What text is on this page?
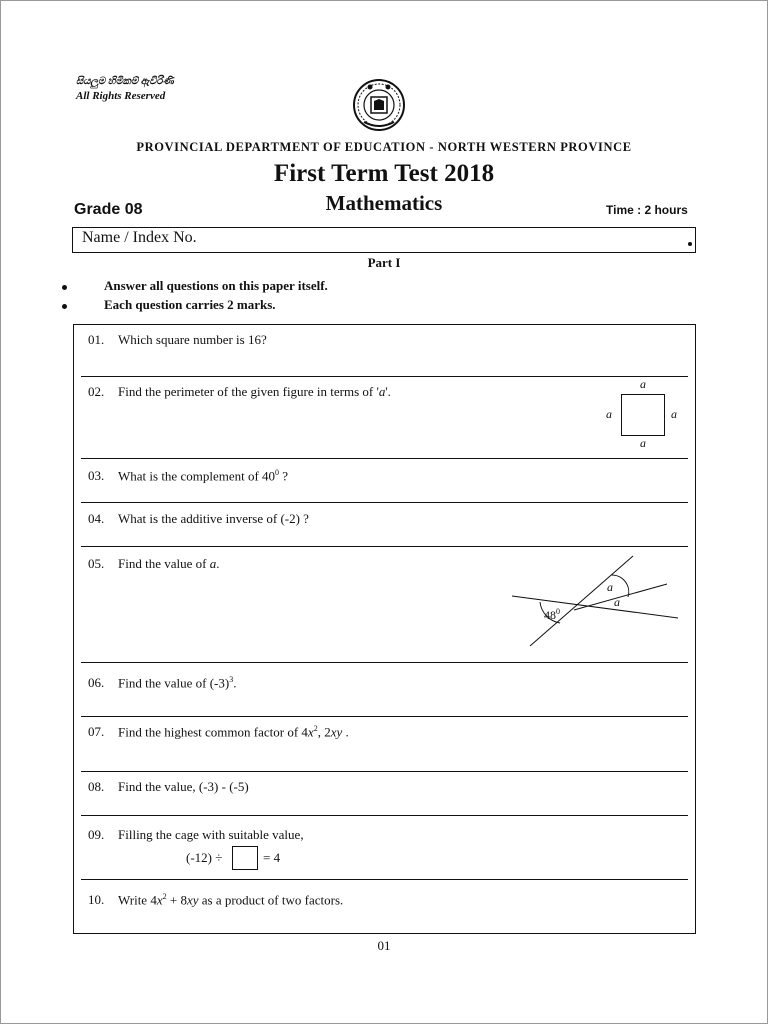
සියලුම හිමිකම් ඇවිරිණි
All Rights Reserved
PROVINCIAL DEPARTMENT OF EDUCATION - NORTH WESTERN PROVINCE
First Term Test 2018
Grade 08	Mathematics	Time : 2 hours
Name / Index No.
Part I
Answer all questions on this paper itself.
Each question carries 2 marks.
01. Which square number is 16?
02. Find the perimeter of the given figure in terms of 'a'.	a
a	a
a
03. What is the complement of $40^0$ ?
04. What is the additive inverse of (-2) ?
05. Find the value of a.
$48^0$
a
a
06. Find the value of $(-3)^3$.
07. Find the highest common factor of $4x^2$, 2xy .
08. Find the value, (-3) - (-5)
09. Filling the cage with suitable value,
(-12) ÷	= 4
10. Write $4x^2 + 8xy$ as a product of two factors.
01
